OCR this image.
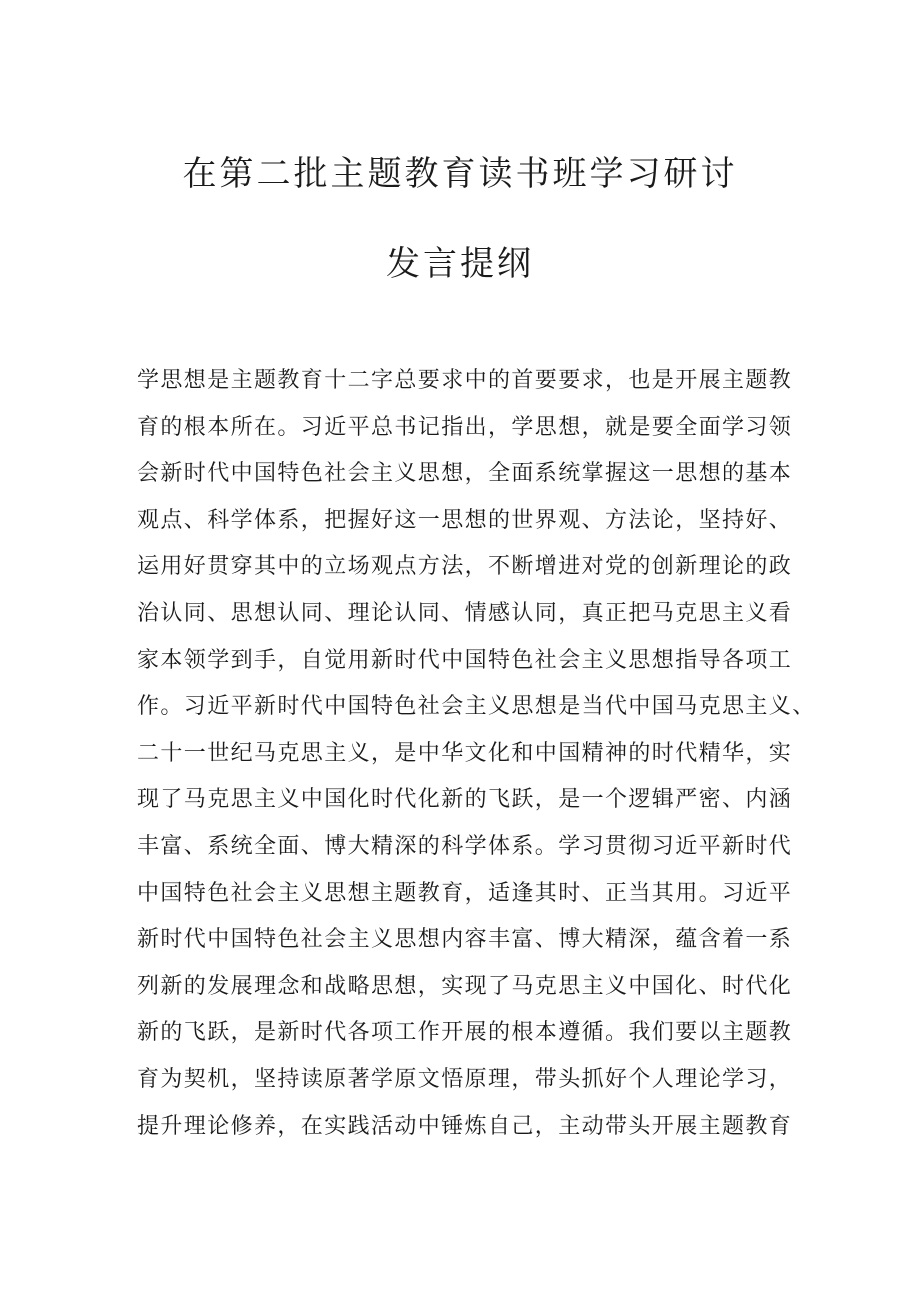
在第二批主题教育读书班学习研讨
发言提纲
学思想是主题教育十二字总要求中的首要要求，也是开展主题教
育的根本所在。习近平总书记指出，学思想，就是要全面学习领
会新时代中国特色社会主义思想，全面系统掌握这一思想的基本
观点、科学体系，把握好这一思想的世界观、方法论，坚持好、
运用好贯穿其中的立场观点方法，不断增进对党的创新理论的政
治认同、思想认同、理论认同、情感认同，真正把马克思主义看
家本领学到手，自觉用新时代中国特色社会主义思想指导各项工
作。习近平新时代中国特色社会主义思想是当代中国马克思主义、
二十一世纪马克思主义，是中华文化和中国精神的时代精华，实
现了马克思主义中国化时代化新的飞跃，是一个逻辑严密、内涵
丰富、系统全面、博大精深的科学体系。学习贯彻习近平新时代
中国特色社会主义思想主题教育，适逢其时、正当其用。习近平
新时代中国特色社会主义思想内容丰富、博大精深，蕴含着一系
列新的发展理念和战略思想，实现了马克思主义中国化、时代化
新的飞跃，是新时代各项工作开展的根本遵循。我们要以主题教
育为契机，坚持读原著学原文悟原理，带头抓好个人理论学习，
提升理论修养，在实践活动中锤炼自己，主动带头开展主题教育
